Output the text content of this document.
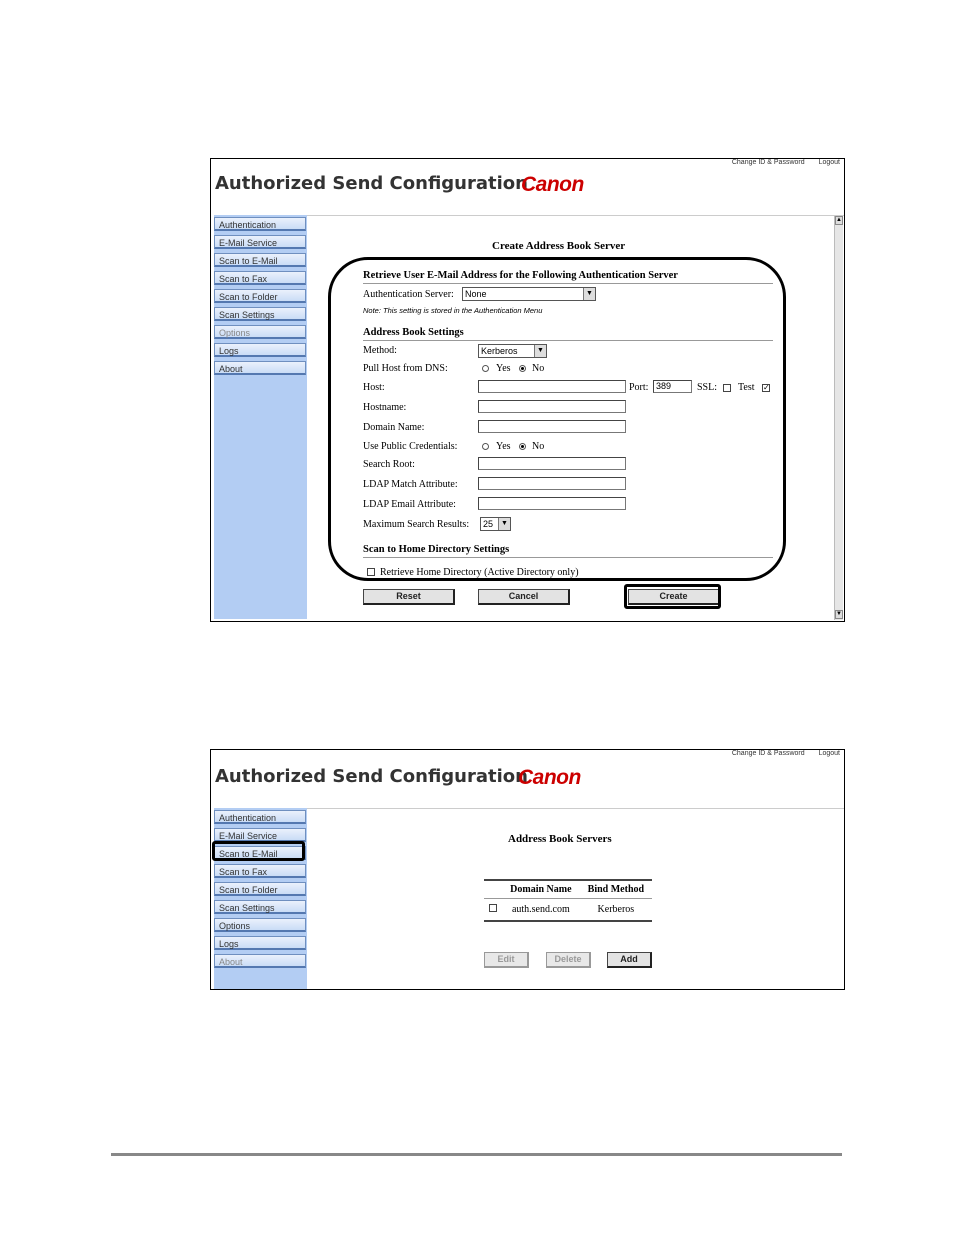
Change ID & Password Logout
Authorized Send Configuration
Canon
Authentication
E-Mail Service
Scan to E-Mail
Scan to Fax
Scan to Folder
Scan Settings
Options
Logs
About
▲
▼
Create Address Book Server
Retrieve User E-Mail Address for the Following Authentication Server
Authentication Server:	None	▼
Note: This setting is stored in the Authentication Menu
Address Book Settings
Method:	Kerberos	▼
Pull Host from DNS:	Yes No
Host:	Port: 389	SSL: Test ✓
Hostname:
Domain Name:
Use Public Credentials:	Yes No
Search Root:
LDAP Match Attribute:
LDAP Email Attribute:
Maximum Search Results:	25	▼
Scan to Home Directory Settings
Retrieve Home Directory (Active Directory only)
Reset	Cancel	Create
Change ID & Password Logout
Authorized Send Configuration
Canon
Authentication
E-Mail Service
Scan to E-Mail
Scan to Fax
Scan to Folder
Scan Settings
Options
Logs
About
Address Book Servers
	Domain Name	Bind Method
	auth.send.com	Kerberos
Edit	Delete	Add
